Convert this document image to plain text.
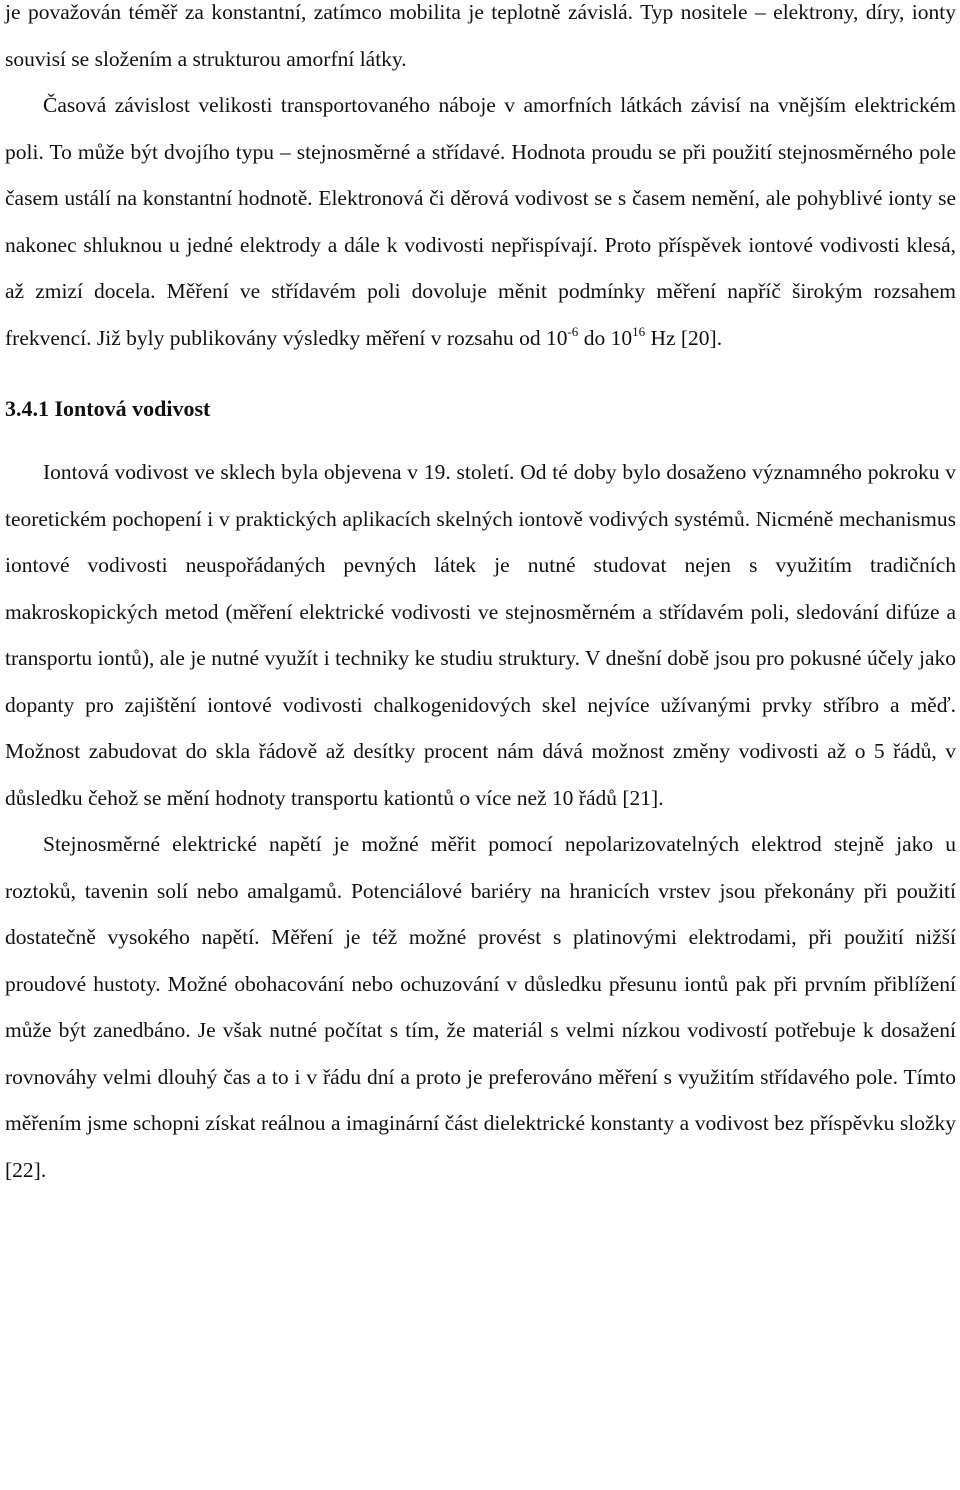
je považován téměř za konstantní, zatímco mobilita je teplotně závislá. Typ nositele – elektrony, díry, ionty souvisí se složením a strukturou amorfní látky.

Časová závislost velikosti transportovaného náboje v amorfních látkách závisí na vnějším elektrickém poli. To může být dvojího typu – stejnosměrné a střídavé. Hodnota proudu se při použití stejnosměrného pole časem ustálí na konstantní hodnotě. Elektronová či děrová vodivost se s časem nemění, ale pohyblivé ionty se nakonec shluknou u jedné elektrody a dále k vodivosti nepřispívají. Proto příspěvek iontové vodivosti klesá, až zmizí docela. Měření ve střídavém poli dovoluje měnit podmínky měření napříč širokým rozsahem frekvencí. Již byly publikovány výsledky měření v rozsahu od $10^{-6}$ do $10^{16}$ Hz [20].

3.4.1 Iontová vodivost

Iontová vodivost ve sklech byla objevena v 19. století. Od té doby bylo dosaženo významného pokroku v teoretickém pochopení i v praktických aplikacích skelných iontově vodivých systémů. Nicméně mechanismus iontové vodivosti neuspořádaných pevných látek je nutné studovat nejen s využitím tradičních makroskopických metod (měření elektrické vodivosti ve stejnosměrném a střídavém poli, sledování difúze a transportu iontů), ale je nutné využít i techniky ke studiu struktury. V dnešní době jsou pro pokusné účely jako dopanty pro zajištění iontové vodivosti chalkogenidových skel nejvíce užívanými prvky stříbro a měď. Možnost zabudovat do skla řádově až desítky procent nám dává možnost změny vodivosti až o 5 řádů, v důsledku čehož se mění hodnoty transportu kationtů o více než 10 řádů [21].

Stejnosměrné elektrické napětí je možné měřit pomocí nepolarizovatelných elektrod stejně jako u roztoků, tavenin solí nebo amalgamů. Potenciálové bariéry na hranicích vrstev jsou překonány při použití dostatečně vysokého napětí. Měření je též možné provést s platinovými elektrodami, při použití nižší proudové hustoty. Možné obohacování nebo ochuzování v důsledku přesunu iontů pak při prvním přiblížení může být zanedbáno. Je však nutné počítat s tím, že materiál s velmi nízkou vodivostí potřebuje k dosažení rovnováhy velmi dlouhý čas a to i v řádu dní a proto je preferováno měření s využitím střídavého pole. Tímto měřením jsme schopni získat reálnou a imaginární část dielektrické konstanty a vodivost bez příspěvku složky [22].
